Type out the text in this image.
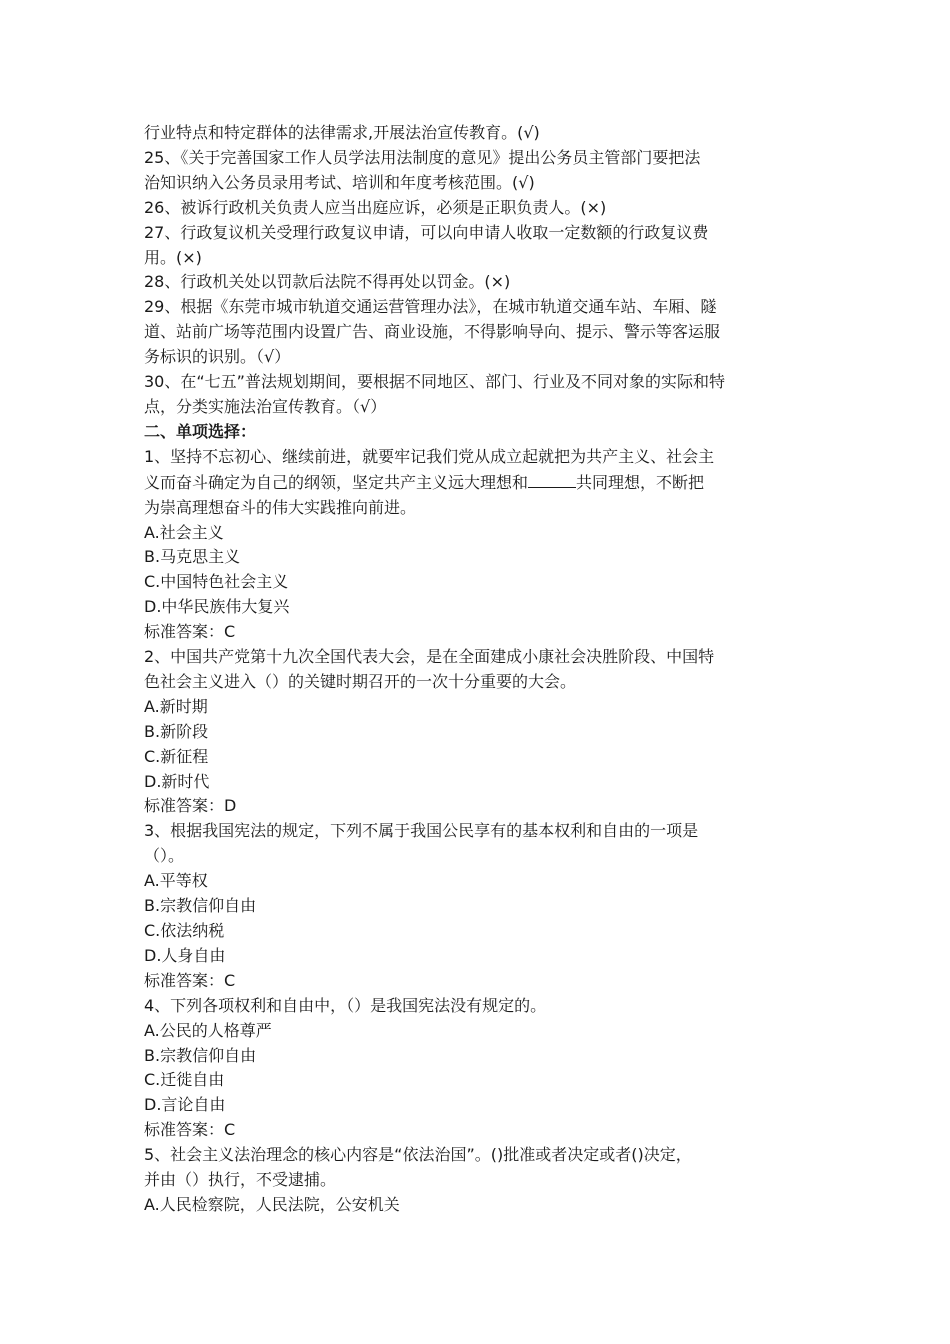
行业特点和特定群体的法律需求,开展法治宣传教育。(√)
25、《关于完善国家工作人员学法用法制度的意见》提出公务员主管部门要把法
治知识纳入公务员录用考试、培训和年度考核范围。(√)
26、被诉行政机关负责人应当出庭应诉，必须是正职负责人。(×)
27、行政复议机关受理行政复议申请，可以向申请人收取一定数额的行政复议费
用。(×)
28、行政机关处以罚款后法院不得再处以罚金。(×)
29、根据《东莞市城市轨道交通运营管理办法》，在城市轨道交通车站、车厢、隧
道、站前广场等范围内设置广告、商业设施，不得影响导向、提示、警示等客运服
务标识的识别。（√）
30、在“七五”普法规划期间，要根据不同地区、部门、行业及不同对象的实际和特
点，分类实施法治宣传教育。（√）
二、单项选择：
1、坚持不忘初心、继续前进，就要牢记我们党从成立起就把为共产主义、社会主
义而奋斗确定为自己的纲领，坚定共产主义远大理想和	共同理想，不断把
为崇高理想奋斗的伟大实践推向前进。
A.社会主义
B.马克思主义
C.中国特色社会主义
D.中华民族伟大复兴
标准答案：C
2、中国共产党第十九次全国代表大会，是在全面建成小康社会决胜阶段、中国特
色社会主义进入（）的关键时期召开的一次十分重要的大会。
A.新时期
B.新阶段
C.新征程
D.新时代
标准答案：D
3、根据我国宪法的规定，下列不属于我国公民享有的基本权利和自由的一项是
（）。
A.平等权
B.宗教信仰自由
C.依法纳税
D.人身自由
标准答案：C
4、下列各项权利和自由中，（）是我国宪法没有规定的。
A.公民的人格尊严
B.宗教信仰自由
C.迁徙自由
D.言论自由
标准答案：C
5、社会主义法治理念的核心内容是“依法治国”。()批准或者决定或者()决定，
并由（）执行，不受逮捕。
A.人民检察院，人民法院，公安机关
